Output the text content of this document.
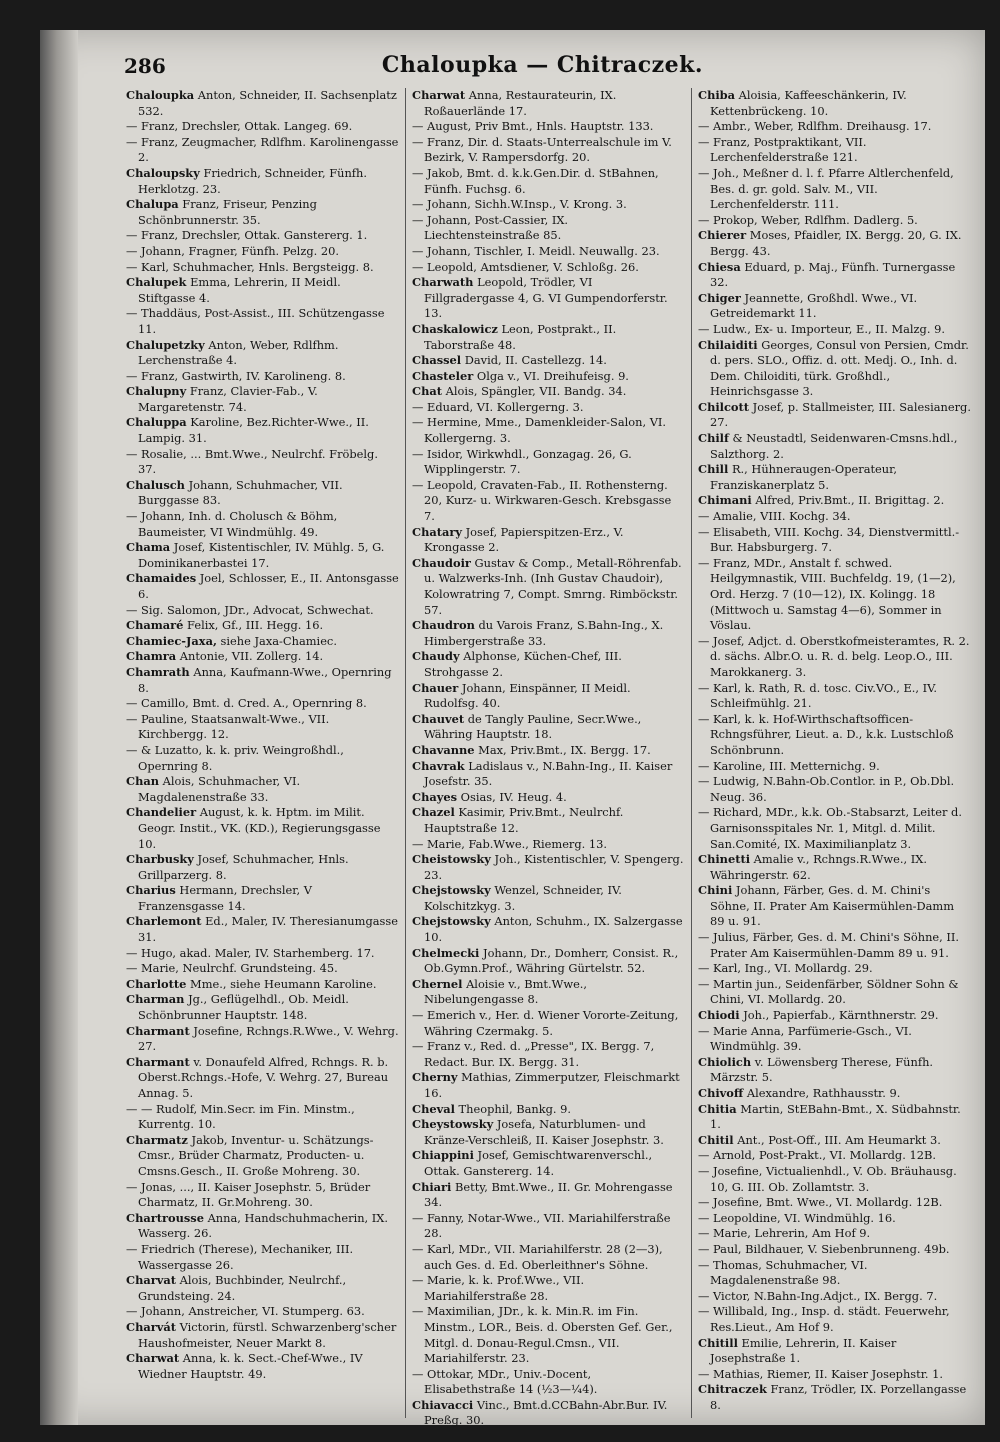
286	Chaloupka — Chitraczek.

Chaloupka Anton, Schneider, II. Sachsenplatz 532.

— Franz, Drechsler, Ottak. Langeg. 69.

— Franz, Zeugmacher, Rdlfhm. Karolinengasse 2.

Chaloupsky Friedrich, Schneider, Fünfh. Herklotzg. 23.

Chalupa Franz, Friseur, Penzing Schönbrunnerstr. 35.

— Franz, Drechsler, Ottak. Ganstererg. 1.

— Johann, Fragner, Fünfh. Pelzg. 20.

— Karl, Schuhmacher, Hnls. Bergsteigg. 8.

Chalupek Emma, Lehrerin, II Meidl. Stiftgasse 4.

— Thaddäus, Post-Assist., III. Schützengasse 11.

Chalupetzky Anton, Weber, Rdlfhm. Lerchenstraße 4.

— Franz, Gastwirth, IV. Karolineng. 8.

Chalupny Franz, Clavier-Fab., V. Margaretenstr. 74.

Chaluppa Karoline, Bez.Richter-Wwe., II. Lampig. 31.

— Rosalie, ... Bmt.Wwe., Neulrchf. Fröbelg. 37.

Chalusch Johann, Schuhmacher, VII. Burggasse 83.

— Johann, Inh. d. Cholusch & Böhm, Baumeister, VI Windmühlg. 49.

Chama Josef, Kistentischler, IV. Mühlg. 5, G. Dominikanerbastei 17.

Chamaides Joel, Schlosser, E., II. Antonsgasse 6.

— Sig. Salomon, JDr., Advocat, Schwechat.

Chamaré Felix, Gf., III. Hegg. 16.

Chamiec-Jaxa, siehe Jaxa-Chamiec.

Chamra Antonie, VII. Zollerg. 14.

Chamrath Anna, Kaufmann-Wwe., Opernring 8.

— Camillo, Bmt. d. Cred. A., Opernring 8.

— Pauline, Staatsanwalt-Wwe., VII. Kirchbergg. 12.

— & Luzatto, k. k. priv. Weingroßhdl., Opernring 8.

Chan Alois, Schuhmacher, VI. Magdalenenstraße 33.

Chandelier August, k. k. Hptm. im Milit. Geogr. Instit., VK. (KD.), Regierungsgasse 10.

Charbusky Josef, Schuhmacher, Hnls. Grillparzerg. 8.

Charius Hermann, Drechsler, V Franzensgasse 14.

Charlemont Ed., Maler, IV. Theresianumgasse 31.

— Hugo, akad. Maler, IV. Starhemberg. 17.

— Marie, Neulrchf. Grundsteing. 45.

Charlotte Mme., siehe Heumann Karoline.

Charman Jg., Geflügelhdl., Ob. Meidl. Schönbrunner Hauptstr. 148.

Charmant Josefine, Rchngs.R.Wwe., V. Wehrg. 27.

Charmant v. Donaufeld Alfred, Rchngs. R. b. Oberst.Rchngs.-Hofe, V. Wehrg. 27, Bureau Annag. 5.

— — Rudolf, Min.Secr. im Fin. Minstm., Kurrentg. 10.

Charmatz Jakob, Inventur- u. Schätzungs-Cmsr., Brüder Charmatz, Producten- u. Cmsns.Gesch., II. Große Mohreng. 30.

— Jonas, ..., II. Kaiser Josephstr. 5, Brüder Charmatz, II. Gr.Mohreng. 30.

Chartrousse Anna, Handschuhmacherin, IX. Wasserg. 26.

— Friedrich (Therese), Mechaniker, III. Wassergasse 26.

Charvat Alois, Buchbinder, Neulrchf., Grundsteing. 24.

— Johann, Anstreicher, VI. Stumperg. 63.

Charvát Victorin, fürstl. Schwarzenberg'scher Haushofmeister, Neuer Markt 8.

Charwat Anna, k. k. Sect.-Chef-Wwe., IV Wiedner Hauptstr. 49.

Charwat Anna, Restaurateurin, IX. Roßauerlände 17.

— August, Priv Bmt., Hnls. Hauptstr. 133.

— Franz, Dir. d. Staats-Unterrealschule im V. Bezirk, V. Rampersdorfg. 20.

— Jakob, Bmt. d. k.k.Gen.Dir. d. StBahnen, Fünfh. Fuchsg. 6.

— Johann, Sichh.W.Insp., V. Krong. 3.

— Johann, Post-Cassier, IX. Liechtensteinstraße 85.

— Johann, Tischler, I. Meidl. Neuwallg. 23.

— Leopold, Amtsdiener, V. Schloßg. 26.

Charwath Leopold, Trödler, VI Fillgradergasse 4, G. VI Gumpendorferstr. 13.

Chaskalowicz Leon, Postprakt., II. Taborstraße 48.

Chassel David, II. Castellezg. 14.

Chasteler Olga v., VI. Dreihufeisg. 9.

Chat Alois, Spängler, VII. Bandg. 34.

— Eduard, VI. Kollergerng. 3.

— Hermine, Mme., Damenkleider-Salon, VI. Kollergerng. 3.

— Isidor, Wirkwhdl., Gonzagag. 26, G. Wipplingerstr. 7.

— Leopold, Cravaten-Fab., II. Rothensterng. 20, Kurz- u. Wirkwaren-Gesch. Krebsgasse 7.

Chatary Josef, Papierspitzen-Erz., V. Krongasse 2.

Chaudoir Gustav & Comp., Metall-Röhrenfab. u. Walzwerks-Inh. (Inh Gustav Chaudoir), Kolowratring 7, Compt. Smrng. Rimböckstr. 57.

Chaudron du Varois Franz, S.Bahn-Ing., X. Himbergerstraße 33.

Chaudy Alphonse, Küchen-Chef, III. Strohgasse 2.

Chauer Johann, Einspänner, II Meidl. Rudolfsg. 40.

Chauvet de Tangly Pauline, Secr.Wwe., Währing Hauptstr. 18.

Chavanne Max, Priv.Bmt., IX. Bergg. 17.

Chavrak Ladislaus v., N.Bahn-Ing., II. Kaiser Josefstr. 35.

Chayes Osias, IV. Heug. 4.

Chazel Kasimir, Priv.Bmt., Neulrchf. Hauptstraße 12.

— Marie, Fab.Wwe., Riemerg. 13.

Cheistowsky Joh., Kistentischler, V. Spengerg. 23.

Chejstowsky Wenzel, Schneider, IV. Kolschitzkyg. 3.

Chejstowsky Anton, Schuhm., IX. Salzergasse 10.

Chelmecki Johann, Dr., Domherr, Consist. R., Ob.Gymn.Prof., Währing Gürtelstr. 52.

Chernel Aloisie v., Bmt.Wwe., Nibelungengasse 8.

— Emerich v., Her. d. Wiener Vororte-Zeitung, Währing Czermakg. 5.

— Franz v., Red. d. „Presse", IX. Bergg. 7, Redact. Bur. IX. Bergg. 31.

Cherny Mathias, Zimmerputzer, Fleischmarkt 16.

Cheval Theophil, Bankg. 9.

Cheystowsky Josefa, Naturblumen- und Kränze-Verschleiß, II. Kaiser Josephstr. 3.

Chiappini Josef, Gemischtwarenverschl., Ottak. Ganstererg. 14.

Chiari Betty, Bmt.Wwe., II. Gr. Mohrengasse 34.

— Fanny, Notar-Wwe., VII. Mariahilferstraße 28.

— Karl, MDr., VII. Mariahilferstr. 28 (2—3), auch Ges. d. Ed. Oberleithner's Söhne.

— Marie, k. k. Prof.Wwe., VII. Mariahilferstraße 28.

— Maximilian, JDr., k. k. Min.R. im Fin. Minstm., LOR., Beis. d. Obersten Gef. Ger., Mitgl. d. Donau-Regul.Cmsn., VII. Mariahilferstr. 23.

— Ottokar, MDr., Univ.-Docent, Elisabethstraße 14 (½3—¼4).

Chiavacci Vinc., Bmt.d.CCBahn-Abr.Bur. IV. Preßg. 30.

Chiba Aloisia, Kaffeeschänkerin, IV. Kettenbrückeng. 10.

— Ambr., Weber, Rdlfhm. Dreihausg. 17.

— Franz, Postpraktikant, VII. Lerchenfelderstraße 121.

— Joh., Meßner d. l. f. Pfarre Altlerchenfeld, Bes. d. gr. gold. Salv. M., VII. Lerchenfelderstr. 111.

— Prokop, Weber, Rdlfhm. Dadlerg. 5.

Chierer Moses, Pfaidler, IX. Bergg. 20, G. IX. Bergg. 43.

Chiesa Eduard, p. Maj., Fünfh. Turnergasse 32.

Chiger Jeannette, Großhdl. Wwe., VI. Getreidemarkt 11.

— Ludw., Ex- u. Importeur, E., II. Malzg. 9.

Chilaiditi Georges, Consul von Persien, Cmdr. d. pers. SLO., Offiz. d. ott. Medj. O., Inh. d. Dem. Chiloiditi, türk. Großhdl., Heinrichsgasse 3.

Chilcott Josef, p. Stallmeister, III. Salesianerg. 27.

Chilf & Neustadtl, Seidenwaren-Cmsns.hdl., Salzthorg. 2.

Chill R., Hühneraugen-Operateur, Franziskanerplatz 5.

Chimani Alfred, Priv.Bmt., II. Brigittag. 2.

— Amalie, VIII. Kochg. 34.

— Elisabeth, VIII. Kochg. 34, Dienstvermittl.-Bur. Habsburgerg. 7.

— Franz, MDr., Anstalt f. schwed. Heilgymnastik, VIII. Buchfeldg. 19, (1—2), Ord. Herzg. 7 (10—12), IX. Kolingg. 18 (Mittwoch u. Samstag 4—6), Sommer in Vöslau.

— Josef, Adjct. d. Oberstkofmeisteramtes, R. 2. d. sächs. Albr.O. u. R. d. belg. Leop.O., III. Marokkanerg. 3.

— Karl, k. Rath, R. d. tosc. Civ.VO., E., IV. Schleifmühlg. 21.

— Karl, k. k. Hof-Wirthschaftsofficen-Rchngsführer, Lieut. a. D., k.k. Lustschloß Schönbrunn.

— Karoline, III. Metternichg. 9.

— Ludwig, N.Bahn-Ob.Contlor. in P., Ob.Dbl. Neug. 36.

— Richard, MDr., k.k. Ob.-Stabsarzt, Leiter d. Garnisonsspitales Nr. 1, Mitgl. d. Milit. San.Comité, IX. Maximilianplatz 3.

Chinetti Amalie v., Rchngs.R.Wwe., IX. Währingerstr. 62.

Chini Johann, Färber, Ges. d. M. Chini's Söhne, II. Prater Am Kaisermühlen-Damm 89 u. 91.

— Julius, Färber, Ges. d. M. Chini's Söhne, II. Prater Am Kaisermühlen-Damm 89 u. 91.

— Karl, Ing., VI. Mollardg. 29.

— Martin jun., Seidenfärber, Söldner Sohn & Chini, VI. Mollardg. 20.

Chiodi Joh., Papierfab., Kärnthnerstr. 29.

— Marie Anna, Parfümerie-Gsch., VI. Windmühlg. 39.

Chiolich v. Löwensberg Therese, Fünfh. Märzstr. 5.

Chivoff Alexandre, Rathhausstr. 9.

Chitia Martin, StEBahn-Bmt., X. Südbahnstr. 1.

Chitil Ant., Post-Off., III. Am Heumarkt 3.

— Arnold, Post-Prakt., VI. Mollardg. 12B.

— Josefine, Victualienhdl., V. Ob. Bräuhausg. 10, G. III. Ob. Zollamtstr. 3.

— Josefine, Bmt. Wwe., VI. Mollardg. 12B.

— Leopoldine, VI. Windmühlg. 16.

— Marie, Lehrerin, Am Hof 9.

— Paul, Bildhauer, V. Siebenbrunneng. 49b.

— Thomas, Schuhmacher, VI. Magdalenenstraße 98.

— Victor, N.Bahn-Ing.Adjct., IX. Bergg. 7.

— Willibald, Ing., Insp. d. städt. Feuerwehr, Res.Lieut., Am Hof 9.

Chitill Emilie, Lehrerin, II. Kaiser Josephstraße 1.

— Mathias, Riemer, II. Kaiser Josephstr. 1.

Chitraczek Franz, Trödler, IX. Porzellangasse 8.
